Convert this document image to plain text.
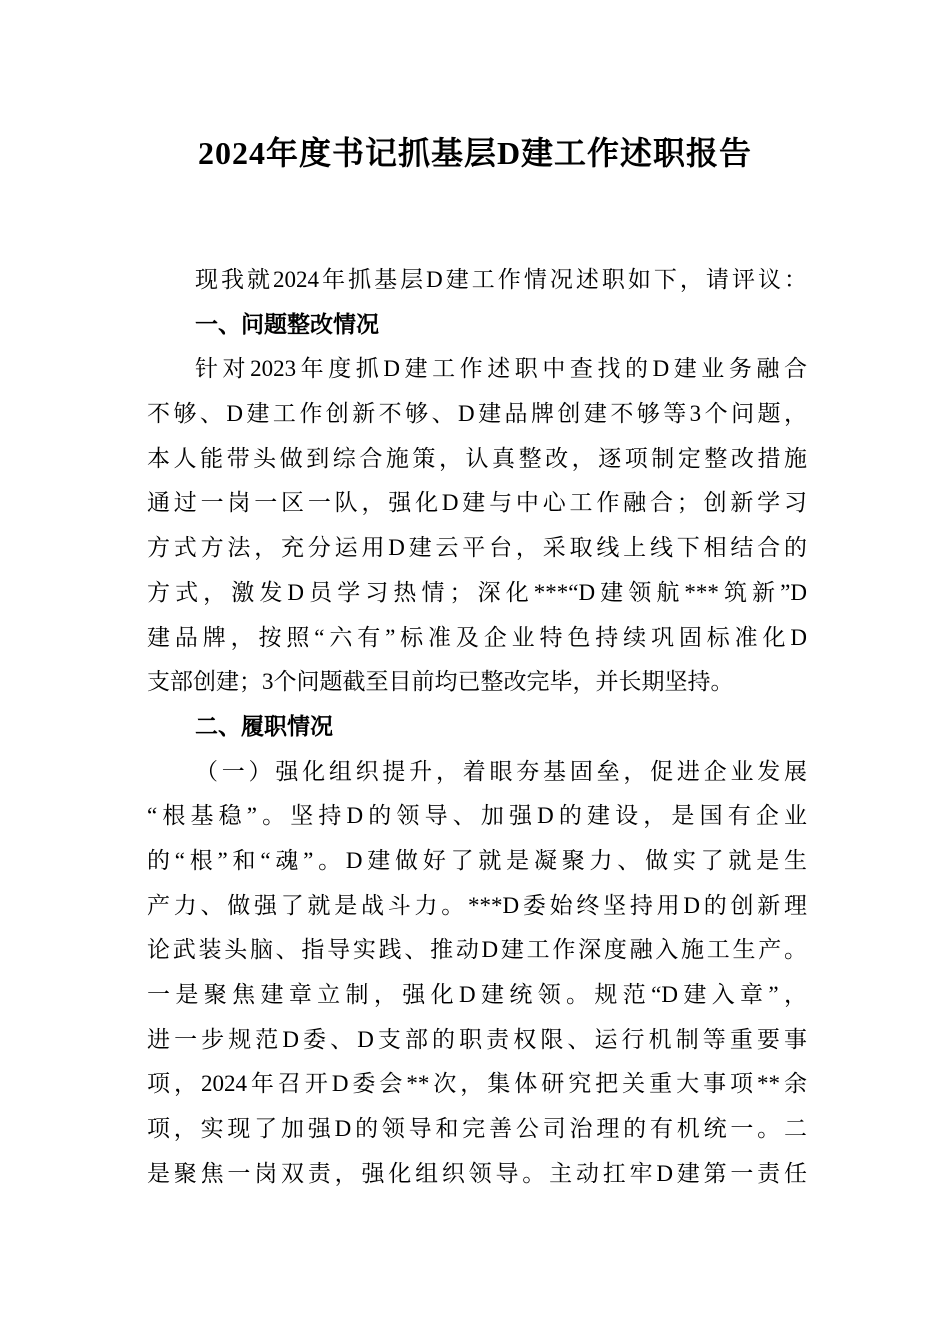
2024年度书记抓基层D建工作述职报告
现我就2024年抓基层D建工作情况述职如下，请评议：
一、问题整改情况
针对2023年度抓D建工作述职中查找的D建业务融合
不够、D建工作创新不够、D建品牌创建不够等3个问题，
本人能带头做到综合施策，认真整改，逐项制定整改措施
通过一岗一区一队，强化D建与中心工作融合；创新学习
方式方法，充分运用D建云平台，采取线上线下相结合的
方式，激发D员学习热情；深化***“D建领航***筑新”D
建品牌，按照“六有”标准及企业特色持续巩固标准化D
支部创建；3个问题截至目前均已整改完毕，并长期坚持。
二、履职情况
（一）强化组织提升，着眼夯基固垒，促进企业发展
“根基稳”。坚持D的领导、加强D的建设，是国有企业
的“根”和“魂”。D建做好了就是凝聚力、做实了就是生
产力、做强了就是战斗力。***D委始终坚持用D的创新理
论武装头脑、指导实践、推动D建工作深度融入施工生产。
一是聚焦建章立制，强化D建统领。规范“D建入章”，
进一步规范D委、D支部的职责权限、运行机制等重要事
项，2024年召开D委会**次，集体研究把关重大事项**余
项，实现了加强D的领导和完善公司治理的有机统一。二
是聚焦一岗双责，强化组织领导。主动扛牢D建第一责任
